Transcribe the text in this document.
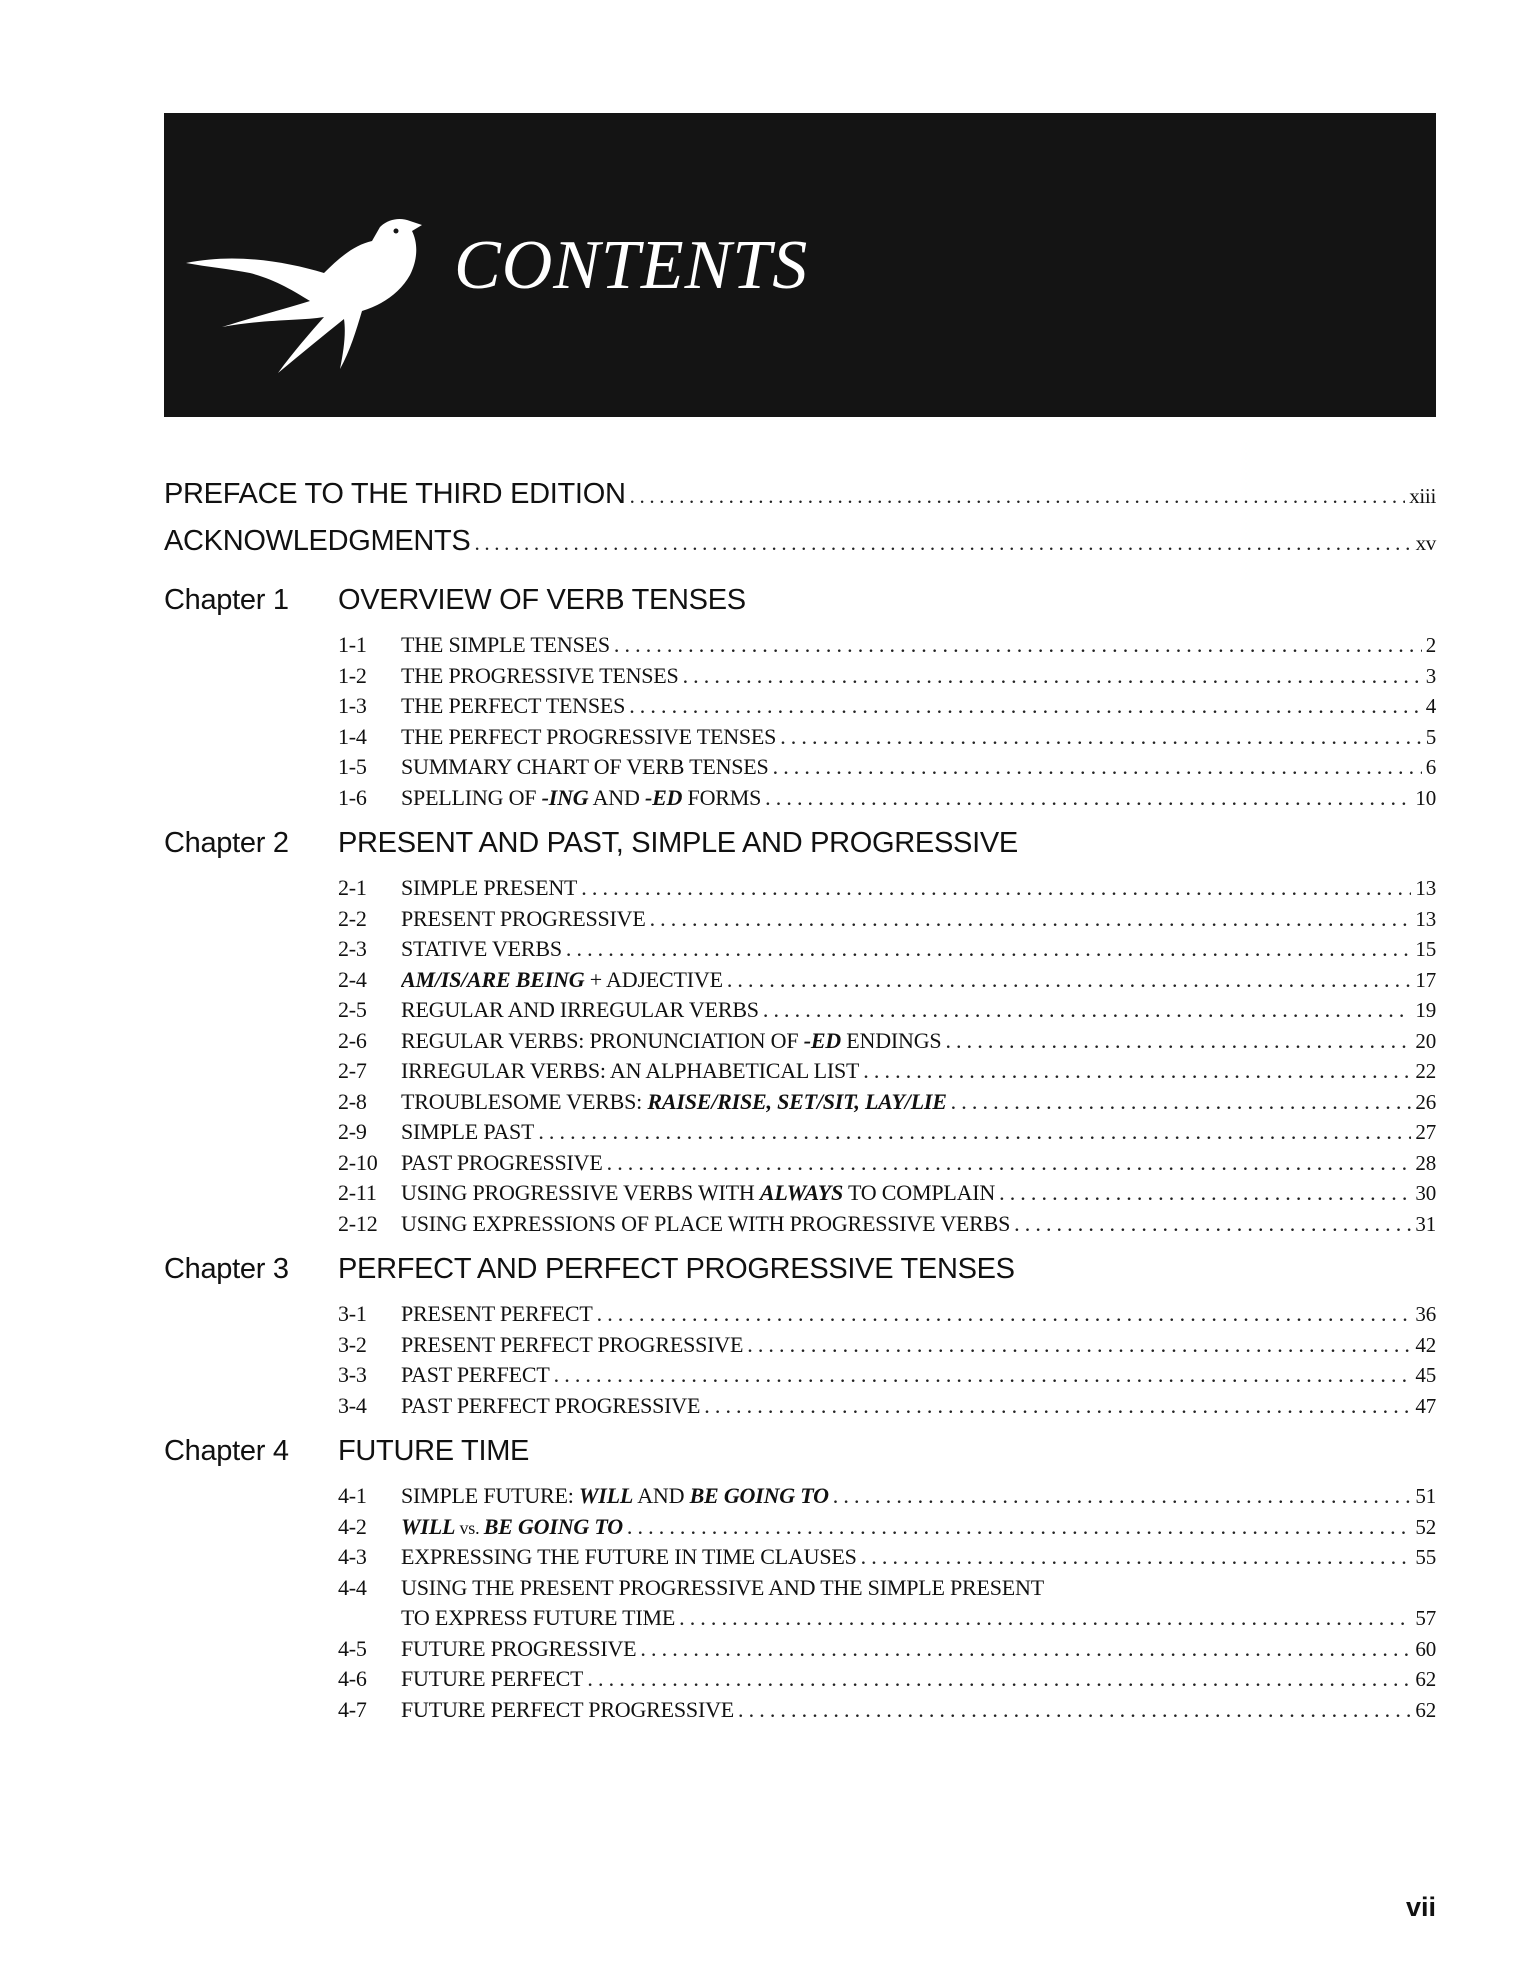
CONTENTS
PREFACE TO THE THIRD EDITION . . .	xiii
ACKNOWLEDGMENTS . . .	xv
Chapter 1	OVERVIEW OF VERB TENSES
1-1	THE SIMPLE TENSES . . .	2
1-2	THE PROGRESSIVE TENSES . . .	3
1-3	THE PERFECT TENSES . . .	4
1-4	THE PERFECT PROGRESSIVE TENSES . . .	5
1-5	SUMMARY CHART OF VERB TENSES . . .	6
1-6	SPELLING OF -ING AND -ED FORMS . . .	10
Chapter 2	PRESENT AND PAST, SIMPLE AND PROGRESSIVE
2-1	SIMPLE PRESENT . . .	13
2-2	PRESENT PROGRESSIVE . . .	13
2-3	STATIVE VERBS . . .	15
2-4	AM/IS/ARE BEING + ADJECTIVE . . .	17
2-5	REGULAR AND IRREGULAR VERBS . . .	19
2-6	REGULAR VERBS: PRONUNCIATION OF -ED ENDINGS . . .	20
2-7	IRREGULAR VERBS: AN ALPHABETICAL LIST . . .	22
2-8	TROUBLESOME VERBS: RAISE/RISE, SET/SIT, LAY/LIE . . .	26
2-9	SIMPLE PAST . . .	27
2-10	PAST PROGRESSIVE . . .	28
2-11	USING PROGRESSIVE VERBS WITH ALWAYS TO COMPLAIN . . .	30
2-12	USING EXPRESSIONS OF PLACE WITH PROGRESSIVE VERBS . . .	31
Chapter 3	PERFECT AND PERFECT PROGRESSIVE TENSES
3-1	PRESENT PERFECT . . .	36
3-2	PRESENT PERFECT PROGRESSIVE . . .	42
3-3	PAST PERFECT . . .	45
3-4	PAST PERFECT PROGRESSIVE . . .	47
Chapter 4	FUTURE TIME
4-1	SIMPLE FUTURE: WILL AND BE GOING TO . . .	51
4-2	WILL vs. BE GOING TO . . .	52
4-3	EXPRESSING THE FUTURE IN TIME CLAUSES . . .	55
4-4	USING THE PRESENT PROGRESSIVE AND THE SIMPLE PRESENT
TO EXPRESS FUTURE TIME . . .	57
4-5	FUTURE PROGRESSIVE . . .	60
4-6	FUTURE PERFECT . . .	62
4-7	FUTURE PERFECT PROGRESSIVE . . .	62
vii
